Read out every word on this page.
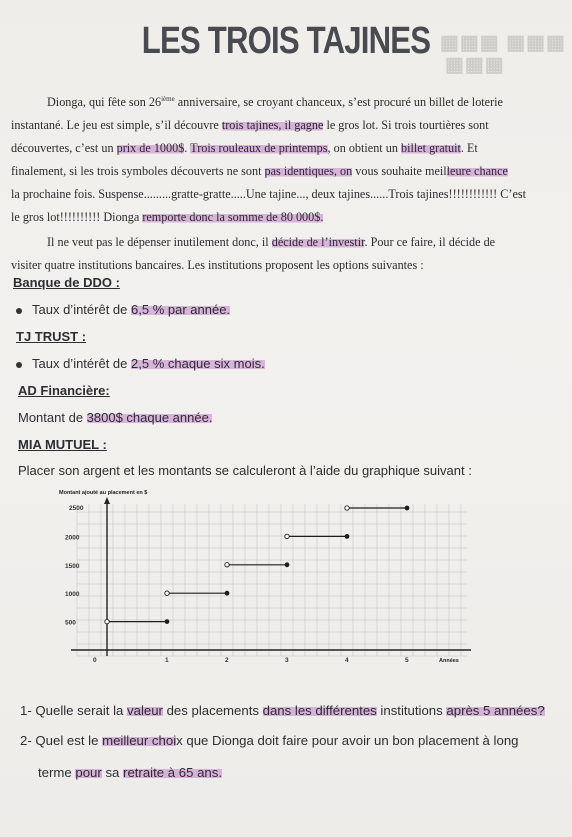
▦▦▦ ▦▦▦
▦▦▦
LES TROIS TAJINES
Dionga, qui fête son 26ième anniversaire, se croyant chanceux, s’est procuré un billet de loterie
instantané. Le jeu est simple, s’il découvre trois tajines, il gagne le gros lot. Si trois tourtières sont
découvertes, c’est un prix de 1000$. Trois rouleaux de printemps, on obtient un billet gratuit. Et
finalement, si les trois symboles découverts ne sont pas identiques, on vous souhaite meilleure chance
la prochaine fois. Suspense.........gratte-gratte.....Une tajine..., deux tajines......Trois tajines!!!!!!!!!!!! C’est
le gros lot!!!!!!!!!! Dionga remporte donc la somme de 80 000$.
Il ne veut pas le dépenser inutilement donc, il décide de l’investir. Pour ce faire, il décide de
visiter quatre institutions bancaires. Les institutions proposent les options suivantes :
Banque de DDO :
Taux d’intérêt de 6,5 % par année.
TJ TRUST :
Taux d’intérêt de 2,5 % chaque six mois.
AD Financière:
Montant de 3800$ chaque année.
MIA MUTUEL :
Placer son argent et les montants se calculeront à l’aide du graphique suivant :
Montant ajouté au placement en $
Années
500
1000
1500
2000
2500
0	1	2	3	4	5
1- Quelle serait la valeur des placements dans les différentes institutions après 5 années?
2- Quel est le meilleur choix que Dionga doit faire pour avoir un bon placement à long
terme pour sa retraite à 65 ans.
